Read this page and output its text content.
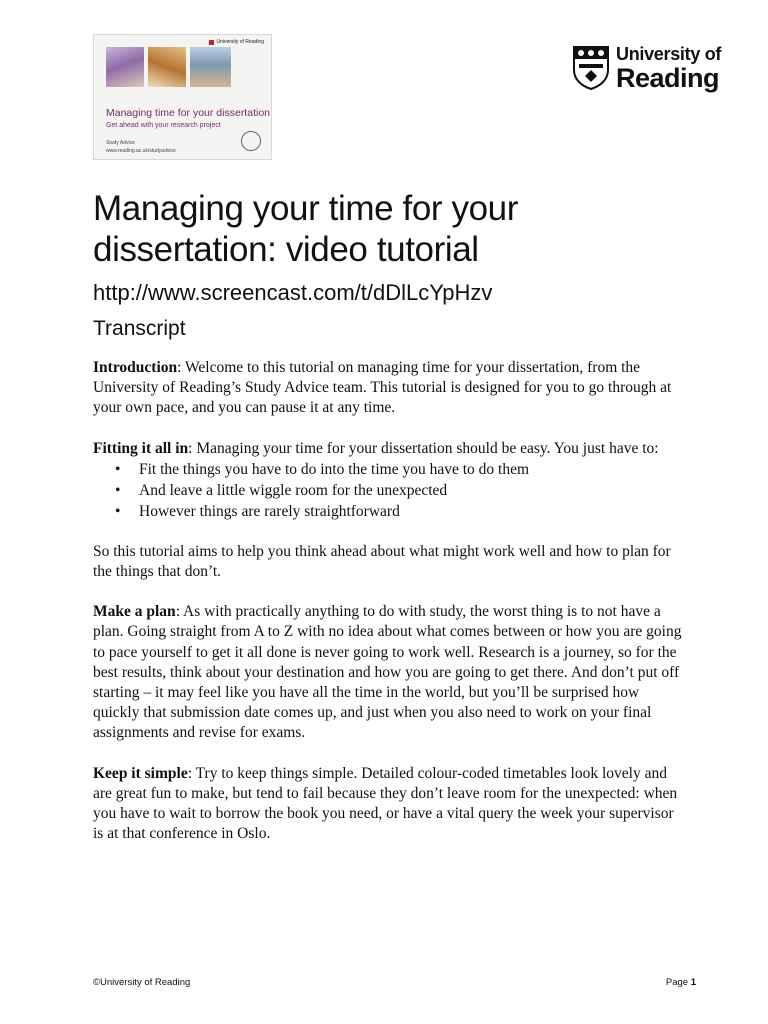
University of Reading
Managing time for your dissertation
Get ahead with your research project
Study Advice
www.reading.ac.uk/studyadvice
University of
Reading
Managing your time for your dissertation: video tutorial
http://www.screencast.com/t/dDlLcYpHzv
Transcript

Introduction: Welcome to this tutorial on managing time for your dissertation, from the University of Reading’s Study Advice team. This tutorial is designed for you to go through at your own pace, and you can pause it at any time.

Fitting it all in: Managing your time for your dissertation should be easy. You just have to:

• Fit the things you have to do into the time you have to do them
• And leave a little wiggle room for the unexpected
• However things are rarely straightforward

So this tutorial aims to help you think ahead about what might work well and how to plan for the things that don’t.

Make a plan: As with practically anything to do with study, the worst thing is to not have a plan. Going straight from A to Z with no idea about what comes between or how you are going to pace yourself to get it all done is never going to work well. Research is a journey, so for the best results, think about your destination and how you are going to get there. And don’t put off starting – it may feel like you have all the time in the world, but you’ll be surprised how quickly that submission date comes up, and just when you also need to work on your final assignments and revise for exams.

Keep it simple: Try to keep things simple. Detailed colour-coded timetables look lovely and are great fun to make, but tend to fail because they don’t leave room for the unexpected: when you have to wait to borrow the book you need, or have a vital query the week your supervisor is at that conference in Oslo.

©University of Reading	Page 1
